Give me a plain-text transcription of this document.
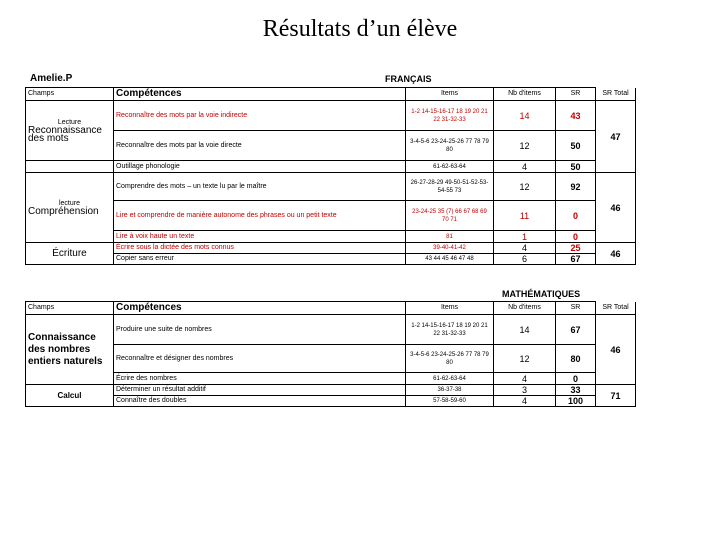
Résultats d’un élève
Amelie.P	FRANÇAIS
MATHÉMATIQUES
Champs	Compétences	Items	Nb d'items	SR	SR Total

Lecture
Reconnaissance des mots	Reconnaître des mots par la voie indirecte	1-2 14-15-16-17 18 19 20 21 22 31-32-33	14	43	47
	Reconnaître des mots par la voie directe	3-4-5-6 23-24-25-26 77 78 79 80	12	50	
	Outillage phonologie	61-62-63-64	4	50	

lecture
Compréhension	Comprendre des mots – un texte lu par le maître	26-27-28-29 49-50-51-52-53-54-55 73	12	92	46
	Lire et comprendre de manière autonome des phrases ou un petit texte	23-24-25 35 (7) 66 67 68 69 70 71	11	0	
	Lire à voix haute un texte	81	1	0	
Écriture	Écrire sous la dictée des mots connus	39-40-41-42	4	25	46
	Copier sans erreur	43 44 45 46 47 48	6	67	
Champs	Compétences	Items	Nb d'items	SR	SR Total
Connaissance des nombres entiers naturels	Produire une suite de nombres	1-2 14-15-16-17 18 19 20 21 22 31-32-33	14	67	46
	Reconnaître et désigner des nombres	3-4-5-6 23-24-25-26 77 78 79 80	12	80	
	Écrire des nombres	61-62-63-64	4	0	
Calcul	Déterminer un résultat additif	36-37-38	3	33	71
	Connaître des doubles	57-58-59-60	4	100	
